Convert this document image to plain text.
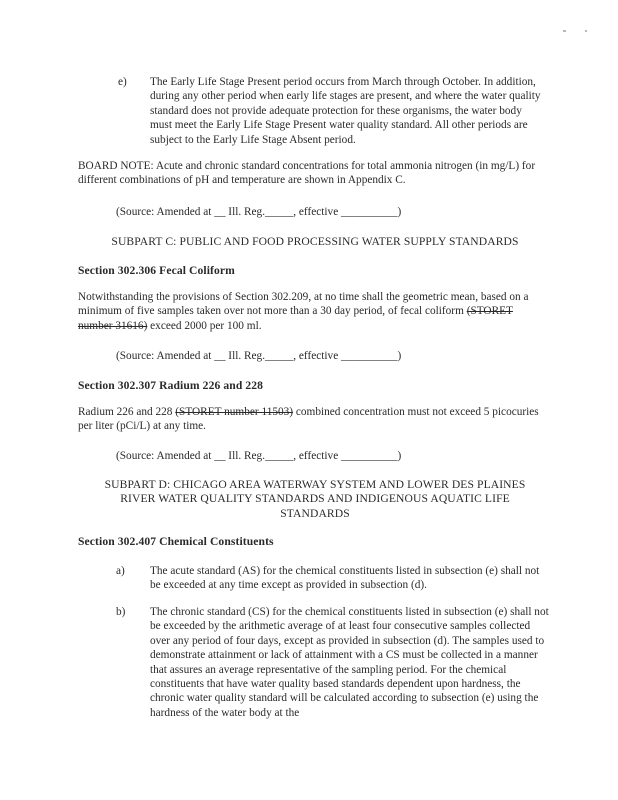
e) The Early Life Stage Present period occurs from March through October. In addition, during any other period when early life stages are present, and where the water quality standard does not provide adequate protection for these organisms, the water body must meet the Early Life Stage Present water quality standard. All other periods are subject to the Early Life Stage Absent period.

BOARD NOTE: Acute and chronic standard concentrations for total ammonia nitrogen (in mg/L) for different combinations of pH and temperature are shown in Appendix C.

(Source: Amended at __ Ill. Reg._____, effective __________)

SUBPART C: PUBLIC AND FOOD PROCESSING WATER SUPPLY STANDARDS

Section 302.306 Fecal Coliform

Notwithstanding the provisions of Section 302.209, at no time shall the geometric mean, based on a minimum of five samples taken over not more than a 30 day period, of fecal coliform (STORET number 31616) exceed 2000 per 100 ml.

(Source: Amended at __ Ill. Reg._____, effective __________)

Section 302.307 Radium 226 and 228

Radium 226 and 228 (STORET number 11503) combined concentration must not exceed 5 picocuries per liter (pCi/L) at any time.

(Source: Amended at __ Ill. Reg._____, effective __________)

SUBPART D: CHICAGO AREA WATERWAY SYSTEM AND LOWER DES PLAINES
RIVER WATER QUALITY STANDARDS AND INDIGENOUS AQUATIC LIFE
STANDARDS

Section 302.407 Chemical Constituents

a) The acute standard (AS) for the chemical constituents listed in subsection (e) shall not be exceeded at any time except as provided in subsection (d).

b) The chronic standard (CS) for the chemical constituents listed in subsection (e) shall not be exceeded by the arithmetic average of at least four consecutive samples collected over any period of four days, except as provided in subsection (d). The samples used to demonstrate attainment or lack of attainment with a CS must be collected in a manner that assures an average representative of the sampling period. For the chemical constituents that have water quality based standards dependent upon hardness, the chronic water quality standard will be calculated according to subsection (e) using the hardness of the water body at the
